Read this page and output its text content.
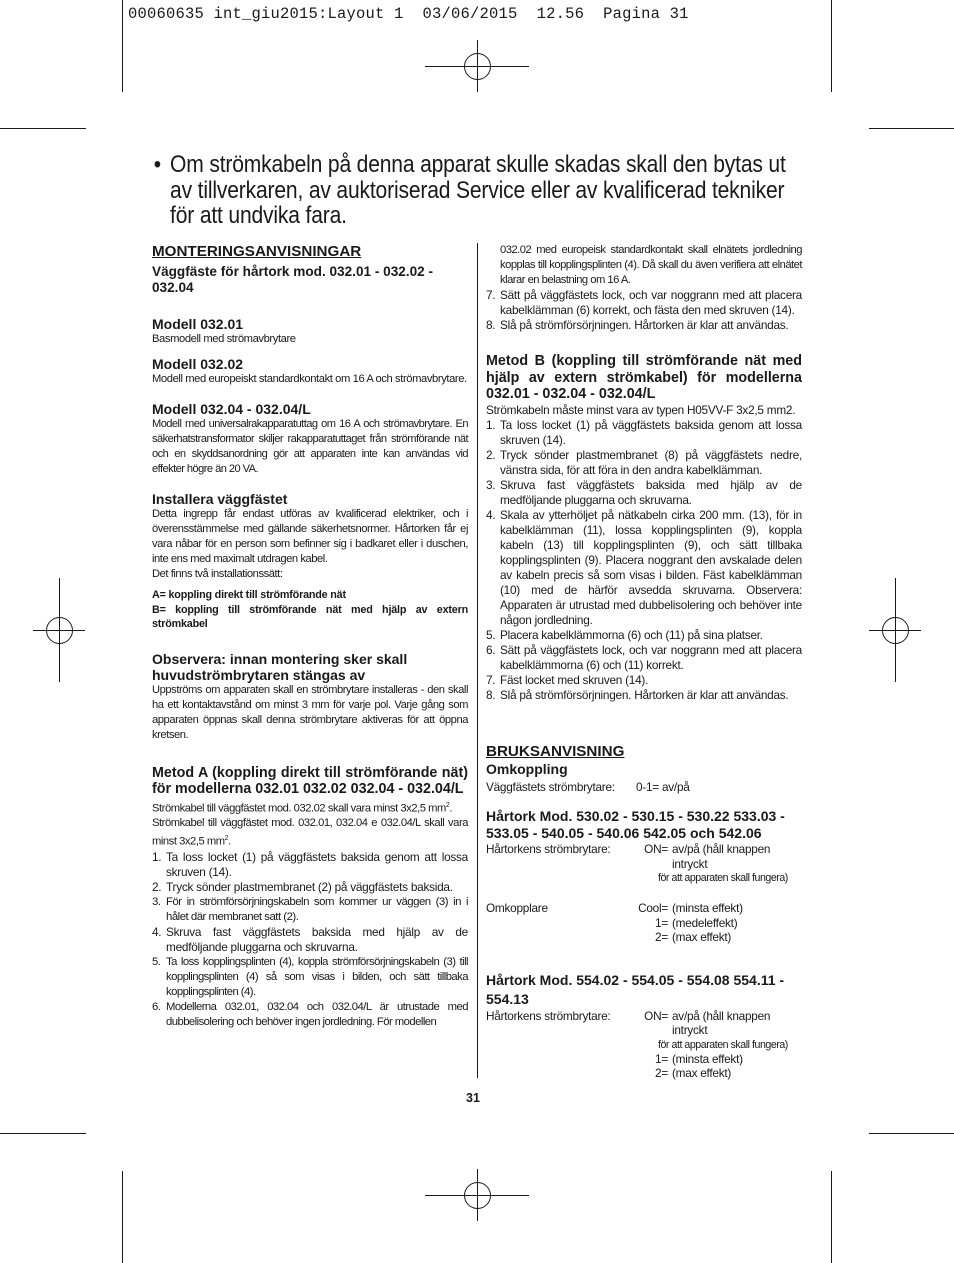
00060635 int_giu2015:Layout 1  03/06/2015  12.56  Pagina 31
• Om strömkabeln på denna apparat skulle skadas skall den bytas ut av tillverkaren, av auktoriserad Service eller av kvalificerad tekniker för att undvika fara.
MONTERINGSANVISNINGAR
Väggfäste för hårtork mod. 032.01 - 032.02 - 032.04
Modell 032.01
Basmodell med strömavbrytare
Modell 032.02
Modell med europeiskt standardkontakt om 16 A och strömavbrytare.
Modell 032.04 - 032.04/L
Modell med universalrakapparatuttag om 16 A och strömavbrytare. En säkerhatstransformator skiljer rakapparatuttaget från strömförande nät och en skyddsanordning gör att apparaten inte kan användas vid effekter högre än 20 VA.
Installera väggfästet
Detta ingrepp får endast utföras av kvalificerad elektriker, och i överensstämmelse med gällande säkerhetsnormer. Hårtorken får ej vara nåbar för en person som befinner sig i badkaret eller i duschen, inte ens med maximalt utdragen kabel.
Det finns två installationssätt:
A= koppling direkt till strömförande nät
B= koppling till strömförande nät med hjälp av extern strömkabel
Observera: innan montering sker skall huvudströmbrytaren stängas av
Uppströms om apparaten skall en strömbrytare installeras - den skall ha ett kontaktavstånd om minst 3 mm för varje pol. Varje gång som apparaten öppnas skall denna strömbrytare aktiveras för att öppna kretsen.
Metod A (koppling direkt till strömförande nät) för modellerna 032.01 032.02 032.04 - 032.04/L
Strömkabel till väggfästet mod. 032.02 skall vara minst 3x2,5 $mm^2$.
Strömkabel till väggfästet mod. 032.01, 032.04 e 032.04/L skall vara minst 3x2,5 $mm^2$.
1. Ta loss locket (1) på väggfästets baksida genom att lossa skruven (14).
2. Tryck sönder plastmembranet (2) på väggfästets baksida.
3. För in strömförsörjningskabeln som kommer ur väggen (3) in i hålet där membranet satt (2).
4. Skruva fast väggfästets baksida med hjälp av de medföljande pluggarna och skruvarna.
5. Ta loss kopplingsplinten (4), koppla strömförsörjningskabeln (3) till kopplingsplinten (4) så som visas i bilden, och sätt tillbaka kopplingsplinten (4).
6. Modellerna 032.01, 032.04 och 032.04/L är utrustade med dubbelisolering och behöver ingen jordledning. För modellen
032.02 med europeisk standardkontakt skall elnätets jordledning kopplas till kopplingsplinten (4). Då skall du även verifiera att elnätet klarar en belastning om 16 A.
7. Sätt på väggfästets lock, och var noggrann med att placera kabelklämman (6) korrekt, och fästa den med skruven (14).
8. Slå på strömförsörjningen. Hårtorken är klar att användas.
Metod B (koppling till strömförande nät med hjälp av extern strömkabel) för modellerna 032.01 - 032.04 - 032.04/L
Strömkabeln måste minst vara av typen H05VV-F 3x2,5 mm2.
1. Ta loss locket (1) på väggfästets baksida genom att lossa skruven (14).
2. Tryck sönder plastmembranet (8) på väggfästets nedre, vänstra sida, för att föra in den andra kabelklämman.
3. Skruva fast väggfästets baksida med hjälp av de medföljande pluggarna och skruvarna.
4. Skala av ytterhöljet på nätkabeln cirka 200 mm. (13), för in kabelklämman (11), lossa kopplingsplinten (9), koppla kabeln (13) till kopplingsplinten (9), och sätt tillbaka kopplingsplinten (9). Placera noggrant den avskalade delen av kabeln precis så som visas i bilden. Fäst kabelklämman (10) med de härför avsedda skruvarna. Observera: Apparaten är utrustad med dubbelisolering och behöver inte någon jordledning.
5. Placera kabelklämmorna (6) och (11) på sina platser.
6. Sätt på väggfästets lock, och var noggrann med att placera kabelklämmorna (6) och (11) korrekt.
7. Fäst locket med skruven (14).
8. Slå på strömförsörjningen. Hårtorken är klar att användas.
BRUKSANVISNING
Omkoppling
Väggfästets strömbrytare:	0-1= av/på
Hårtork Mod. 530.02 - 530.15 - 530.22 533.03 - 533.05 - 540.05 - 540.06 542.05 och 542.06
Hårtorkens strömbrytare:	ON= av/på (håll knappen intryckt
för att apparaten skall fungera)
Omkopplare	Cool= (minsta effekt)
1= (medeleffekt)
2= (max effekt)
Hårtork Mod. 554.02 - 554.05 - 554.08 554.11 - 554.13
Hårtorkens strömbrytare:	ON= av/på (håll knappen intryckt
för att apparaten skall fungera)
1= (minsta effekt)
2= (max effekt)
31
